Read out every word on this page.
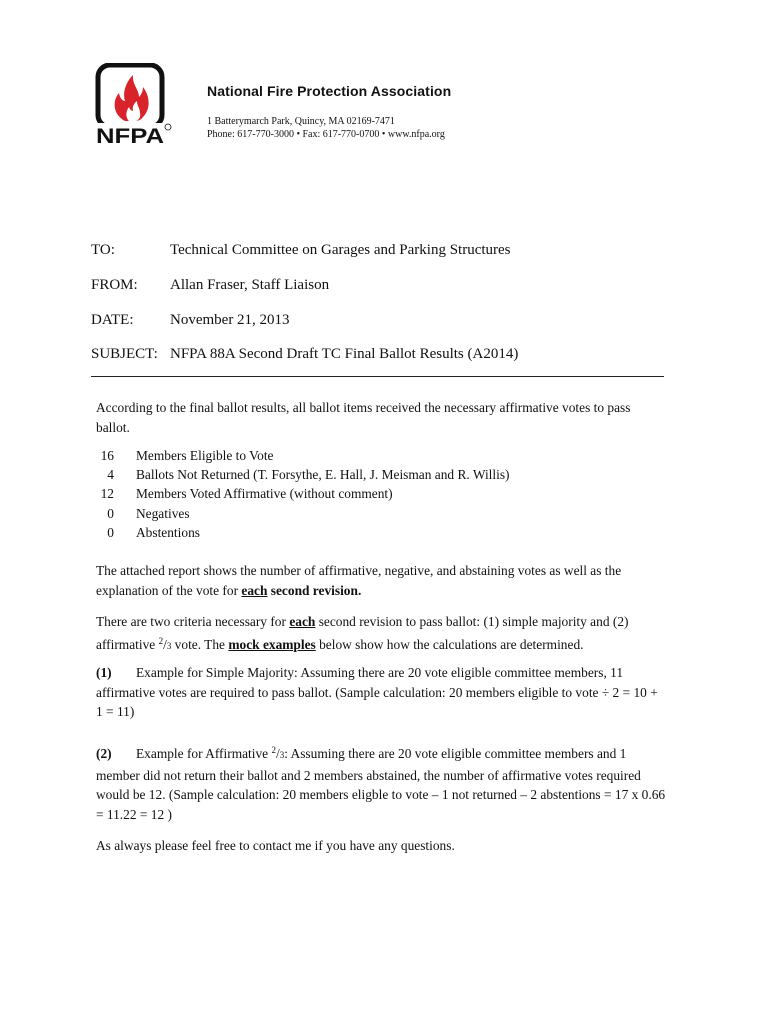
NFPA
National Fire Protection Association
1 Batterymarch Park, Quincy, MA 02169-7471
Phone: 617-770-3000 • Fax: 617-770-0700 • www.nfpa.org
TO:	Technical Committee on Garages and Parking Structures
FROM: Allan Fraser, Staff Liaison
DATE: November 21, 2013
SUBJECT: NFPA 88A Second Draft TC Final Ballot Results (A2014)
According to the final ballot results, all ballot items received the necessary affirmative votes to pass ballot.
16 Members Eligible to Vote
4 Ballots Not Returned (T. Forsythe, E. Hall, J. Meisman and R. Willis)
12 Members Voted Affirmative (without comment)
0 Negatives
0 Abstentions
The attached report shows the number of affirmative, negative, and abstaining votes as well as the explanation of the vote for each second revision.
There are two criteria necessary for each second revision to pass ballot: (1) simple majority and (2) affirmative $^2$/3 vote. The mock examples below show how the calculations are determined.
(1) Example for Simple Majority: Assuming there are 20 vote eligible committee members, 11 affirmative votes are required to pass ballot. (Sample calculation: 20 members eligible to vote ÷ 2 = 10 + 1 = 11)
(2) Example for Affirmative $^2$/3: Assuming there are 20 vote eligible committee members and 1 member did not return their ballot and 2 members abstained, the number of affirmative votes required would be 12. (Sample calculation: 20 members eligble to vote – 1 not returned – 2 abstentions = 17 x 0.66 = 11.22 = 12 )
As always please feel free to contact me if you have any questions.
